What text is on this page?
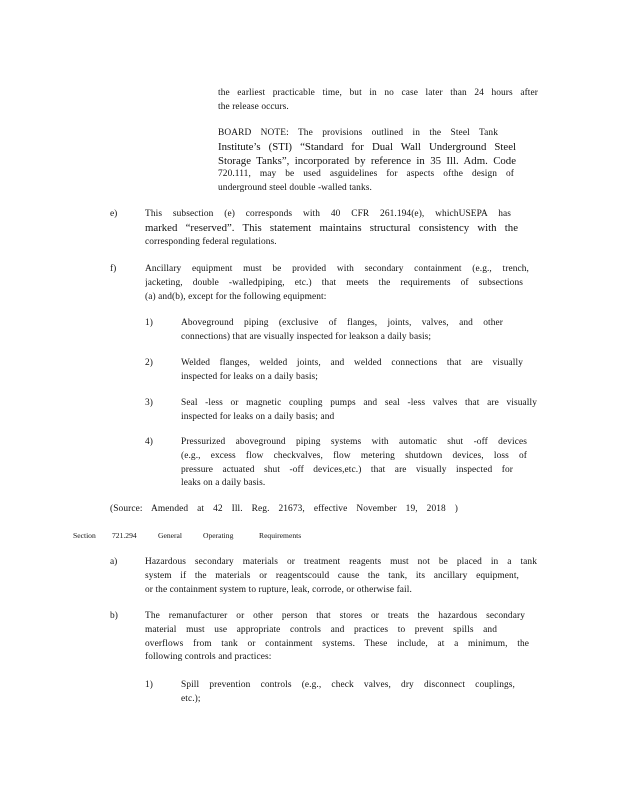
the earliest practicable time, but in no case later than 24 hours after
the release occurs.
BOARD NOTE: The provisions outlined in the Steel Tank
Institute’s (STI) “Standard for Dual Wall Underground Steel
Storage Tanks”, incorporated by reference in 35 Ill. Adm. Code
720.111, may be used asguidelines for aspects ofthe design of
underground steel double -walled tanks.
e)	This subsection (e) corresponds with 40 CFR 261.194(e), whichUSEPA has
marked “reserved”. This statement maintains structural consistency with the
corresponding federal regulations.
f)	Ancillary equipment must be provided with secondary containment (e.g., trench,
jacketing, double -walledpiping, etc.) that meets the requirements of subsections
(a) and(b), except for the following equipment:
1)	Aboveground piping (exclusive of flanges, joints, valves, and other
connections) that are visually inspected for leakson a daily basis;
2)	Welded flanges, welded joints, and welded connections that are visually
inspected for leaks on a daily basis;
3)	Seal -less or magnetic coupling pumps and seal -less valves that are visually
inspected for leaks on a daily basis; and
4)	Pressurized aboveground piping systems with automatic shut -off devices
(e.g., excess flow checkvalves, flow metering shutdown devices, loss of
pressure actuated shut -off devices,etc.) that are visually inspected for
leaks on a daily basis.
(Source: Amended at 42 Ill. Reg. 21673, effective November 19, 2018 )
Section 721.294	General	Operating	Requirements
a)	Hazardous secondary materials or treatment reagents must not be placed in a tank
system if the materials or reagentscould cause the tank, its ancillary equipment,
or the containment system to rupture, leak, corrode, or otherwise fail.
b)	The remanufacturer or other person that stores or treats the hazardous secondary
material must use appropriate controls and practices to prevent spills and
overflows from tank or containment systems. These include, at a minimum, the
following controls and practices:
1)	Spill prevention controls (e.g., check valves, dry disconnect couplings,
etc.);
